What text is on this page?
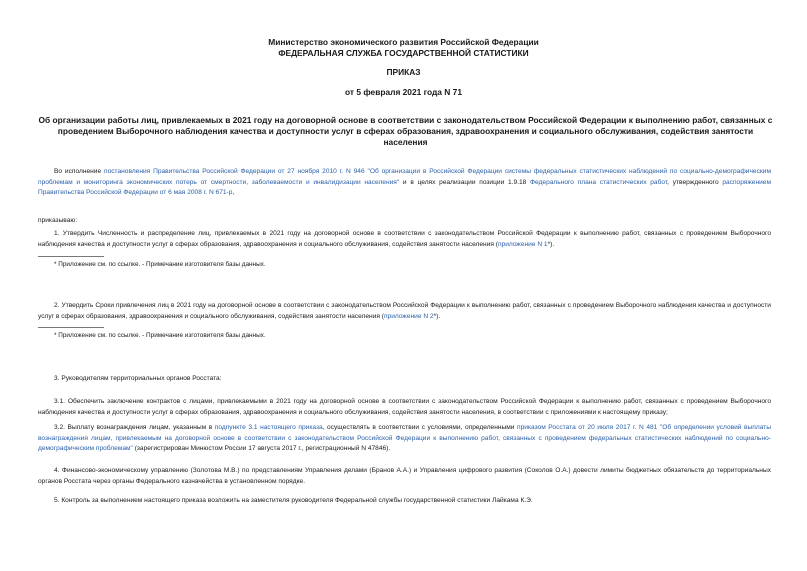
Министерство экономического развития Российской Федерации
ФЕДЕРАЛЬНАЯ СЛУЖБА ГОСУДАРСТВЕННОЙ СТАТИСТИКИ
ПРИКАЗ
от 5 февраля 2021 года N 71
Об организации работы лиц, привлекаемых в 2021 году на договорной основе в соответствии с законодательством Российской Федерации к выполнению работ, связанных с проведением Выборочного наблюдения качества и доступности услуг в сферах образования, здравоохранения и социального обслуживания, содействия занятости населения
Во исполнение постановления Правительства Российской Федерации от 27 ноября 2010 г. N 946 "Об организации в Российской Федерации системы федеральных статистических наблюдений по социально-демографическим проблемам и мониторинга экономических потерь от смертности, заболеваемости и инвалидизации населения" и в целях реализации позиции 1.9.18 Федерального плана статистических работ, утвержденного распоряжением Правительства Российской Федерации от 6 мая 2008 г. N 671-р,
приказываю:
1. Утвердить Численность и распределение лиц, привлекаемых в 2021 году на договорной основе в соответствии с законодательством Российской Федерации к выполнению работ, связанных с проведением Выборочного наблюдения качества и доступности услуг в сферах образования, здравоохранения и социального обслуживания, содействия занятости населения (приложение N 1*).
* Приложение см. по ссылке. - Примечание изготовителя базы данных.
2. Утвердить Сроки привлечения лиц в 2021 году на договорной основе в соответствии с законодательством Российской Федерации к выполнению работ, связанных с проведением Выборочного наблюдения качества и доступности услуг в сферах образования, здравоохранения и социального обслуживания, содействия занятости населения (приложение N 2*).
* Приложение см. по ссылке. - Примечание изготовителя базы данных.
3. Руководителям территориальных органов Росстата:
3.1. Обеспечить заключение контрактов с лицами, привлекаемыми в 2021 году на договорной основе в соответствии с законодательством Российской Федерации к выполнению работ, связанных с проведением Выборочного наблюдения качества и доступности услуг в сферах образования, здравоохранения и социального обслуживания, содействия занятости населения, в соответствии с приложениями к настоящему приказу;
3.2. Выплату вознаграждения лицам, указанным в подпункте 3.1 настоящего приказа, осуществлять в соответствии с условиями, определенными приказом Росстата от 20 июля 2017 г. N 481 "Об определении условий выплаты вознаграждения лицам, привлекаемым на договорной основе в соответствии с законодательством Российской Федерации к выполнению работ, связанных с проведением федеральных статистических наблюдений по социально-демографическим проблемам" (зарегистрирован Минюстом России 17 августа 2017 г., регистрационный N 47846).
4. Финансово-экономическому управлению (Золотова М.В.) по представлениям Управления делами (Бранов А.А.) и Управления цифрового развития (Соколов О.А.) довести лимиты бюджетных обязательств до территориальных органов Росстата через органы Федерального казначейства в установленном порядке.
5. Контроль за выполнением настоящего приказа возложить на заместителя руководителя Федеральной службы государственной статистики Лайкама К.Э.
